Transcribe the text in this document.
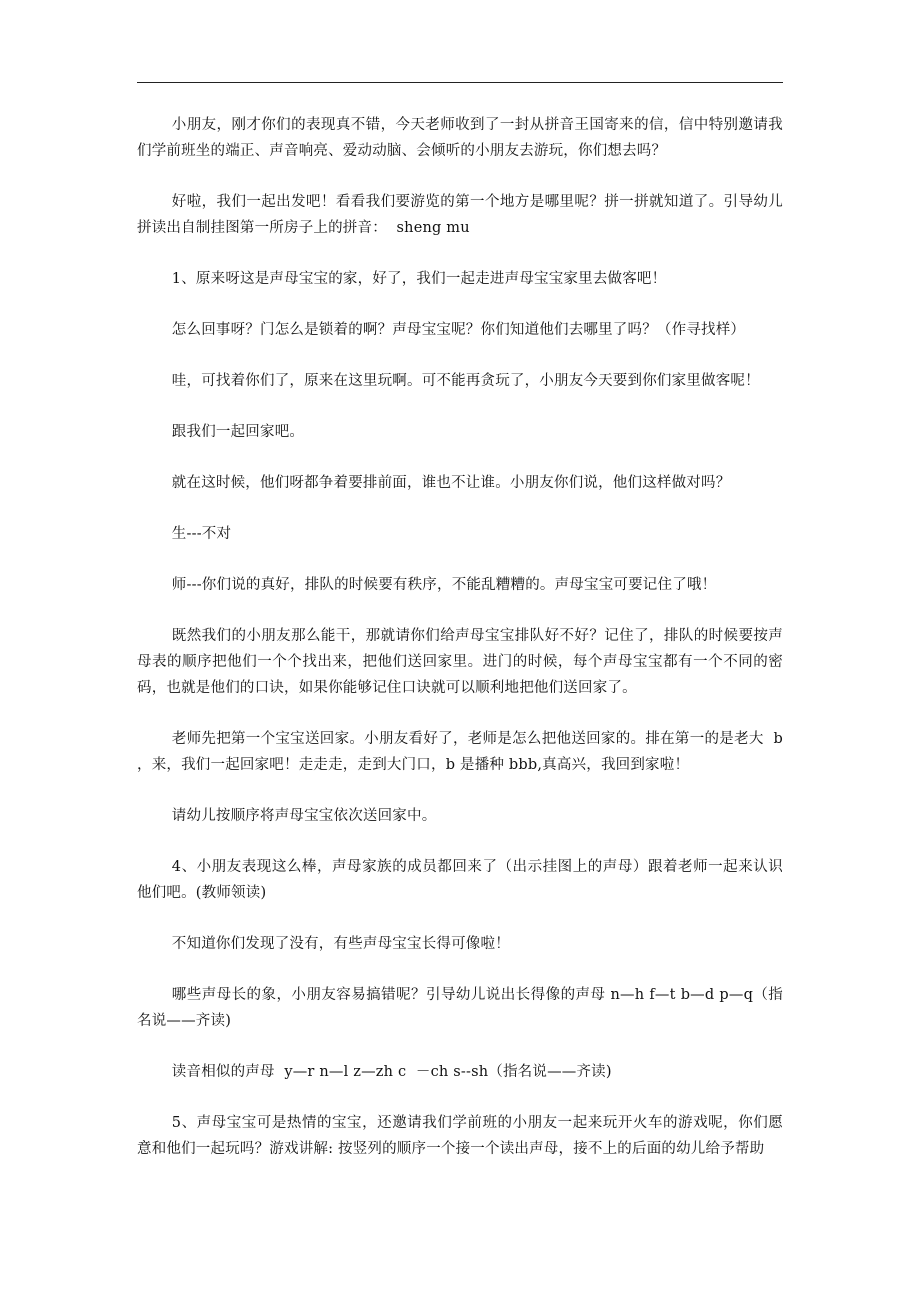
小朋友，刚才你们的表现真不错，今天老师收到了一封从拼音王国寄来的信，信中特别邀请我们学前班坐的端正、声音响亮、爱动动脑、会倾听的小朋友去游玩，你们想去吗？

好啦，我们一起出发吧！看看我们要游览的第一个地方是哪里呢？拼一拼就知道了。引导幼儿拼读出自制挂图第一所房子上的拼音：  sheng mu

1、原来呀这是声母宝宝的家，好了，我们一起走进声母宝宝家里去做客吧！

怎么回事呀？门怎么是锁着的啊？声母宝宝呢？你们知道他们去哪里了吗？（作寻找样）

哇，可找着你们了，原来在这里玩啊。可不能再贪玩了，小朋友今天要到你们家里做客呢！

跟我们一起回家吧。

就在这时候，他们呀都争着要排前面，谁也不让谁。小朋友你们说，他们这样做对吗？

生---不对

师---你们说的真好，排队的时候要有秩序，不能乱糟糟的。声母宝宝可要记住了哦！

既然我们的小朋友那么能干，那就请你们给声母宝宝排队好不好？记住了，排队的时候要按声母表的顺序把他们一个个找出来，把他们送回家里。进门的时候，每个声母宝宝都有一个不同的密码，也就是他们的口诀，如果你能够记住口诀就可以顺利地把他们送回家了。

老师先把第一个宝宝送回家。小朋友看好了，老师是怎么把他送回家的。排在第一的是老大  b  ，来，我们一起回家吧！走走走，走到大门口，b 是播种 bbb,真高兴，我回到家啦！

请幼儿按顺序将声母宝宝依次送回家中。

4、小朋友表现这么棒，声母家族的成员都回来了（出示挂图上的声母）跟着老师一起来认识他们吧。(教师领读)

不知道你们发现了没有，有些声母宝宝长得可像啦！

哪些声母长的象，小朋友容易搞错呢？引导幼儿说出长得像的声母 n—h f—t b—d p—q（指名说——齐读)

读音相似的声母  y—r n—l z—zh c  －ch s--sh（指名说——齐读)

5、声母宝宝可是热情的宝宝，还邀请我们学前班的小朋友一起来玩开火车的游戏呢，你们愿意和他们一起玩吗？游戏讲解: 按竖列的顺序一个接一个读出声母，接不上的后面的幼儿给予帮助
